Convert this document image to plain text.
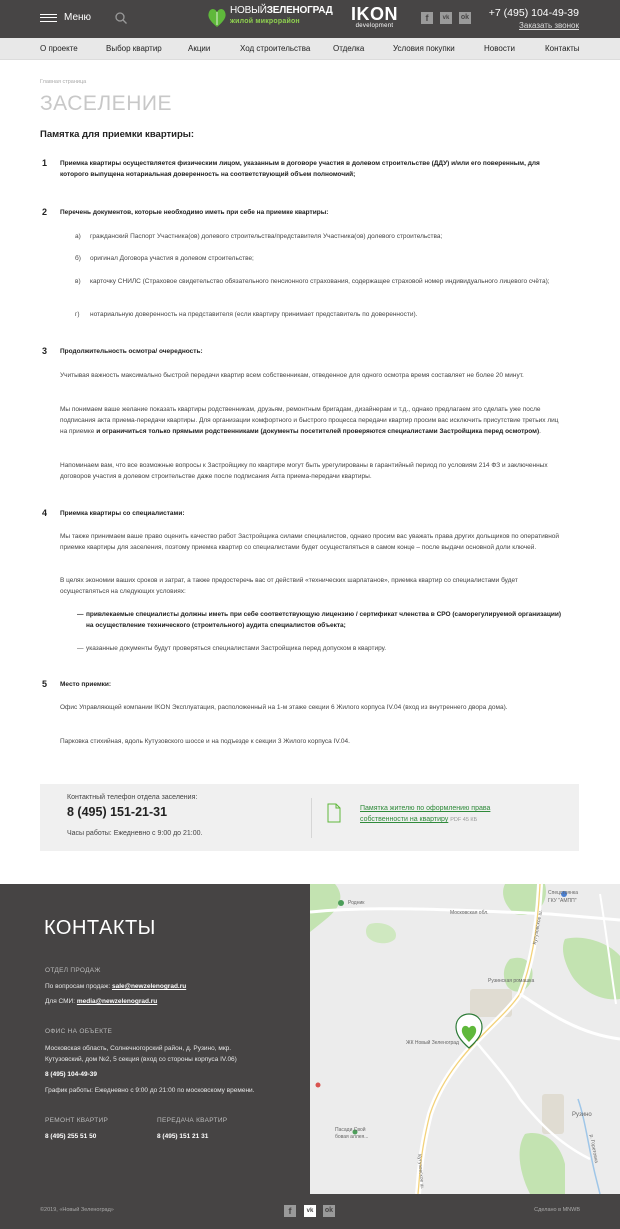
Меню
НОВЫЙЗЕЛЕНОГРАД
жилой микрорайон	IKON
development
f	vk	ok +7 (495) 104-49-39
Заказать звонок
О проекте	Выбор квартир	Акции	Ход строительства	Отделка	Условия покупки	Новости	Контакты
Главная страница
ЗАСЕЛЕНИЕ
Памятка для приемки квартиры:
1 Приемка квартиры осуществляется физическим лицом, указанным в договоре участия в долевом строительстве (ДДУ) и/или его поверенным, для которого выпущена нотариальная доверенность на соответствующий объем полномочий;
2 Перечень документов, которые необходимо иметь при себе на приемке квартиры:
а) гражданский Паспорт Участника(ов) долевого строительства/представителя Участника(ов) долевого строительства;
б) оригинал Договора участия в долевом строительстве;
в) карточку СНИЛС (Страховое свидетельство обязательного пенсионного страхования, содержащее страховой номер индивидуального лицевого счёта);
г) нотариальную доверенность на представителя (если квартиру принимает представитель по доверенности).
3 Продолжительность осмотра/ очередность:
Учитывая важность максимально быстрой передачи квартир всем собственникам, отведенное для одного осмотра время составляет не более 20 минут.
Мы понимаем ваше желание показать квартиры родственникам, друзьям, ремонтным бригадам, дизайнерам и т.д., однако предлагаем это сделать уже после подписания акта приема-передачи квартиры. Для организации комфортного и быстрого процесса передачи квартир просим вас исключить присутствие третьих лиц на приемке и ограничиться только прямыми родственниками (документы посетителей проверяются специалистами Застройщика перед осмотром).
Напоминаем вам, что все возможные вопросы к Застройщику по квартире могут быть урегулированы в гарантийный период по условиям 214 ФЗ и заключенных договоров участия в долевом строительстве даже после подписания Акта приема-передачи квартиры.
4 Приемка квартиры со специалистами:
Мы также принимаем ваше право оценить качество работ Застройщика силами специалистов, однако просим вас уважать права других дольщиков по оперативной приемке квартиры для заселения, поэтому приемка квартир со специалистами будет осуществляться в самом конце – после выдачи основной доли ключей.
В целях экономии ваших сроков и затрат, а также предостеречь вас от действий «технических шарлатанов», приемка квартир со специалистами будет осуществляться на следующих условиях:
— привлекаемые специалисты должны иметь при себе соответствующую лицензию / сертификат членства в СРО (саморегулируемой организации) на осуществление технического (строительного) аудита специалистов объекта;
— указанные документы будут проверяться специалистами Застройщика перед допуском в квартиру.
5 Место приемки:
Офис Управляющей компании IKON Эксплуатация, расположенный на 1-м этаже секции 6 Жилого корпуса IV.04 (вход из внутреннего двора дома).
Парковка стихийная, вдоль Кутузовского шоссе и на подъезде к секции 3 Жилого корпуса IV.04.
Контактный телефон отдела заселения:
8 (495) 151-21-31
Часы работы: Ежедневно с 9:00 до 21:00.
Памятка жителю по оформлению права собственности на квартиру PDF 45 КБ
КОНТАКТЫ
ОТДЕЛ ПРОДАЖ
По вопросам продаж: sale@newzelenograd.ru
Для СМИ: media@newzelenograd.ru
ОФИС НА ОБЪЕКТЕ
Московская область, Солнечногорский район, д. Рузино, мкр.
Кутузовский, дом №2, 5 секция (вход со стороны корпуса IV.06)
8 (495) 104-49-39
График работы: Ежедневно с 9:00 до 21:00 по московскому времени.
РЕМОНТ КВАРТИР
8 (495) 255 51 50
ПЕРЕДАЧА КВАРТИР
8 (495) 151 21 31
Родник
Московская обл.
Спецстоянка
ГКУ "АМПП"
Кутузовское ш.
Рузинская ромашка
ЖК Новый Зеленоград
Пасади Свой
бовая аллея...
Рузино
Кутузовское ш.
р. Горетовка
©2019, «Новый Зеленоград»	f	vk	ok	Сделано в MNWB
